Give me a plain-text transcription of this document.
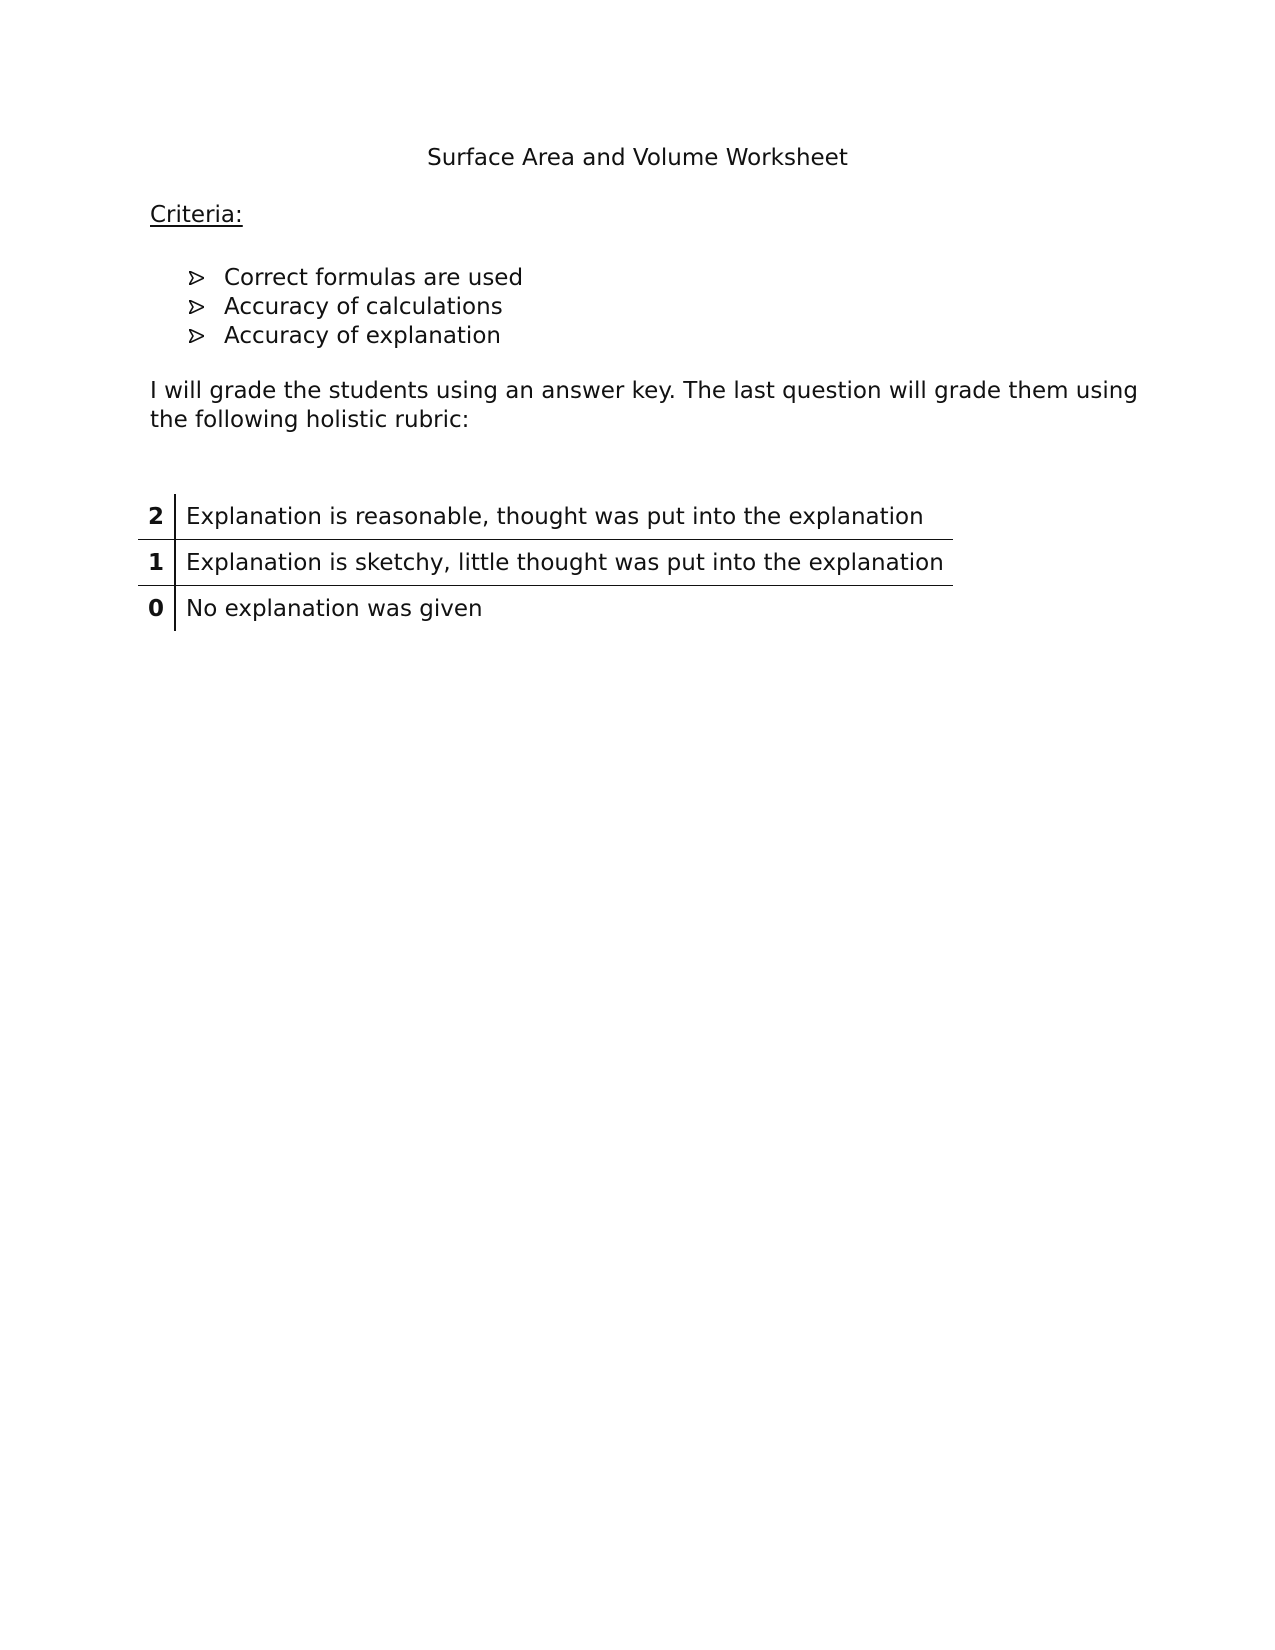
Surface Area and Volume Worksheet
Criteria:
Correct formulas are used
Accuracy of calculations
Accuracy of explanation

I will grade the students using an answer key. The last question will grade them using the following holistic rubric:

2	Explanation is reasonable, thought was put into the explanation
1	Explanation is sketchy, little thought was put into the explanation
0	No explanation was given
